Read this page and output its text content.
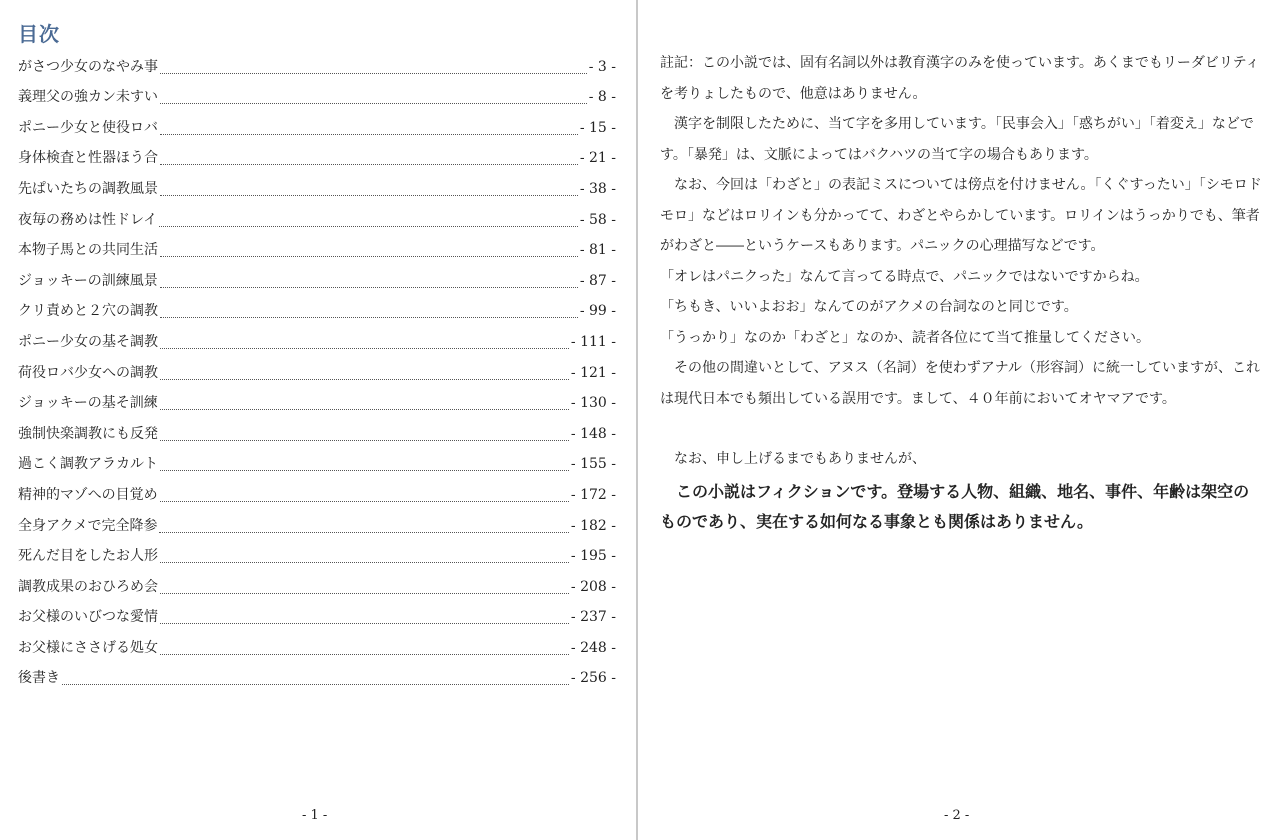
目次
がさつ少女のなやみ事	- 3 -
義理父の強カン未すい	- 8 -
ポニー少女と使役ロバ	- 15 -
身体検査と性器ほう合	- 21 -
先ぱいたちの調教風景	- 38 -
夜毎の務めは性ドレイ	- 58 -
本物子馬との共同生活	- 81 -
ジョッキーの訓練風景	- 87 -
クリ責めと２穴の調教	- 99 -
ポニー少女の基そ調教	- 111 -
荷役ロバ少女への調教	- 121 -
ジョッキーの基そ訓練	- 130 -
強制快楽調教にも反発	- 148 -
過こく調教アラカルト	- 155 -
精神的マゾへの目覚め	- 172 -
全身アクメで完全降参	- 182 -
死んだ目をしたお人形	- 195 -
調教成果のおひろめ会	- 208 -
お父様のいびつな愛情	- 237 -
お父様にささげる処女	- 248 -
後書き	- 256 -
- 1 -

註記：この小説では、固有名詞以外は教育漢字のみを使っています。あくまでもリーダビリティを考りょしたもので、他意はありません。

漢字を制限したために、当て字を多用しています。「民事会入」「惑ちがい」「着変え」などです。「暴発」は、文脈によってはバクハツの当て字の場合もあります。

なお、今回は「わざと」の表記ミスについては傍点を付けません。「くぐすったい」「シモロドモロ」などはロリインも分かってて、わざとやらかしています。ロリインはうっかりでも、筆者がわざと――というケースもあります。パニックの心理描写などです。

「オレはパニクった」なんて言ってる時点で、パニックではないですからね。

「ちもき、いいよおお」なんてのがアクメの台詞なのと同じです。

「うっかり」なのか「わざと」なのか、読者各位にて当て推量してください。

その他の間違いとして、アヌス（名詞）を使わずアナル（形容詞）に統一していますが、これは現代日本でも頻出している誤用です。まして、４０年前においてオヤマアです。

なお、申し上げるまでもありませんが、

この小説はフィクションです。登場する人物、組織、地名、事件、年齢は架空のものであり、実在する如何なる事象とも関係はありません。

- 2 -
